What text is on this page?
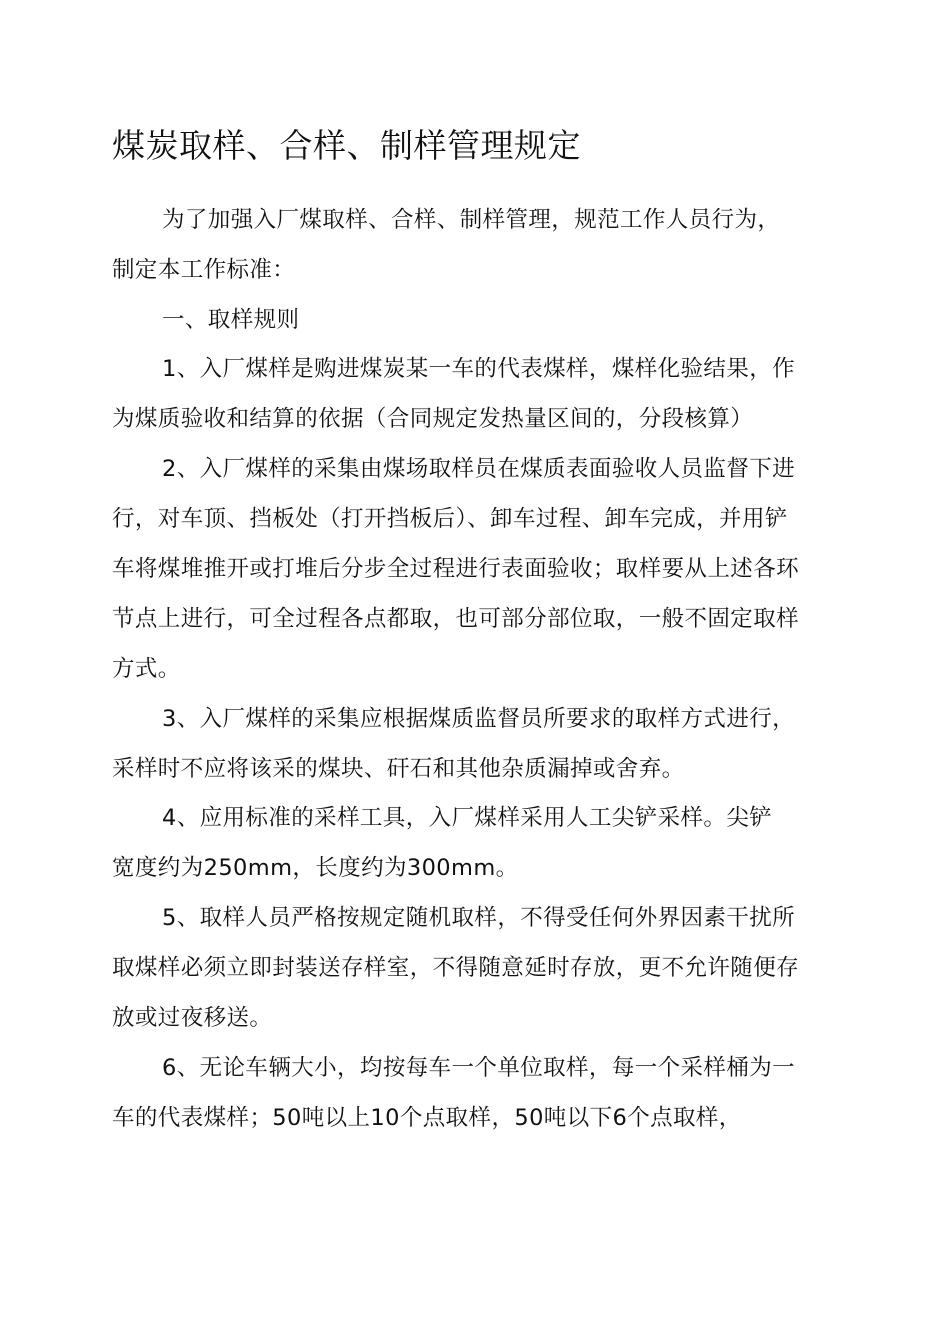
煤炭取样、合样、制样管理规定
为了加强入厂煤取样、合样、制样管理，规范工作人员行为，
制定本工作标准：
一、取样规则
1、入厂煤样是购进煤炭某一车的代表煤样，煤样化验结果，作
为煤质验收和结算的依据（合同规定发热量区间的，分段核算）
2、入厂煤样的采集由煤场取样员在煤质表面验收人员监督下进
行，对车顶、挡板处（打开挡板后）、卸车过程、卸车完成，并用铲
车将煤堆推开或打堆后分步全过程进行表面验收；取样要从上述各环
节点上进行，可全过程各点都取，也可部分部位取，一般不固定取样
方式。
3、入厂煤样的采集应根据煤质监督员所要求的取样方式进行，
采样时不应将该采的煤块、矸石和其他杂质漏掉或舍弃。
4、应用标准的采样工具，入厂煤样采用人工尖铲采样。尖铲
宽度约为250mm，长度约为300mm。
5、取样人员严格按规定随机取样，不得受任何外界因素干扰所
取煤样必须立即封装送存样室，不得随意延时存放，更不允许随便存
放或过夜移送。
6、无论车辆大小，均按每车一个单位取样，每一个采样桶为一
车的代表煤样；50吨以上10个点取样，50吨以下6个点取样，
